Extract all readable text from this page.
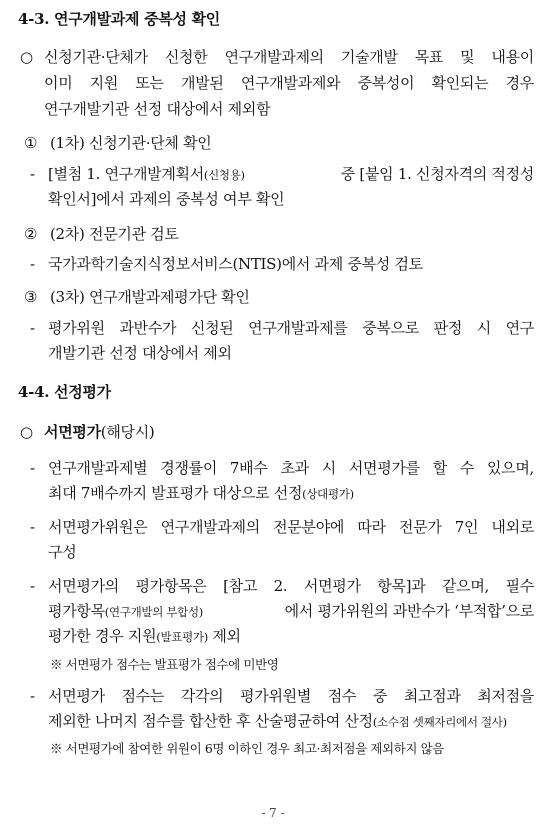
4-3. 연구개발과제 중복성 확인
○ 신청기관·단체가 신청한 연구개발과제의 기술개발 목표 및 내용이
이미 지원 또는 개발된 연구개발과제와 중복성이 확인되는 경우
연구개발기관 선정 대상에서 제외함
① (1차) 신청기관·단체 확인
- [별첨 1. 연구개발계획서(신청용)	중 [붙임 1. 신청자격의 적정성
확인서]에서 과제의 중복성 여부 확인
② (2차) 전문기관 검토
- 국가과학기술지식정보서비스(NTIS)에서 과제 중복성 검토
③ (3차) 연구개발과제평가단 확인
- 평가위원 과반수가 신청된 연구개발과제를 중복으로 판정 시 연구
개발기관 선정 대상에서 제외
4-4. 선정평가
○ 서면평가(해당시)
- 연구개발과제별 경쟁률이 7배수 초과 시 서면평가를 할 수 있으며,
최대 7배수까지 발표평가 대상으로 선정(상대평가)
- 서면평가위원은 연구개발과제의 전문분야에 따라 전문가 7인 내외로
구성
- 서면평가의 평가항목은 [참고 2. 서면평가 항목]과 같으며, 필수
평가항목(연구개발의 부합성)	에서 평가위원의 과반수가 ‘부적합’으로
평가한 경우 지원(발표평가) 제외
※ 서면평가 점수는 발표평가 점수에 미반영
- 서면평가 점수는 각각의 평가위원별 점수 중 최고점과 최저점을
제외한 나머지 점수를 합산한 후 산술평균하여 산정(소수점 셋째자리에서 절사)
※ 서면평가에 참여한 위원이 6명 이하인 경우 최고·최저점을 제외하지 않음
- 7 -
